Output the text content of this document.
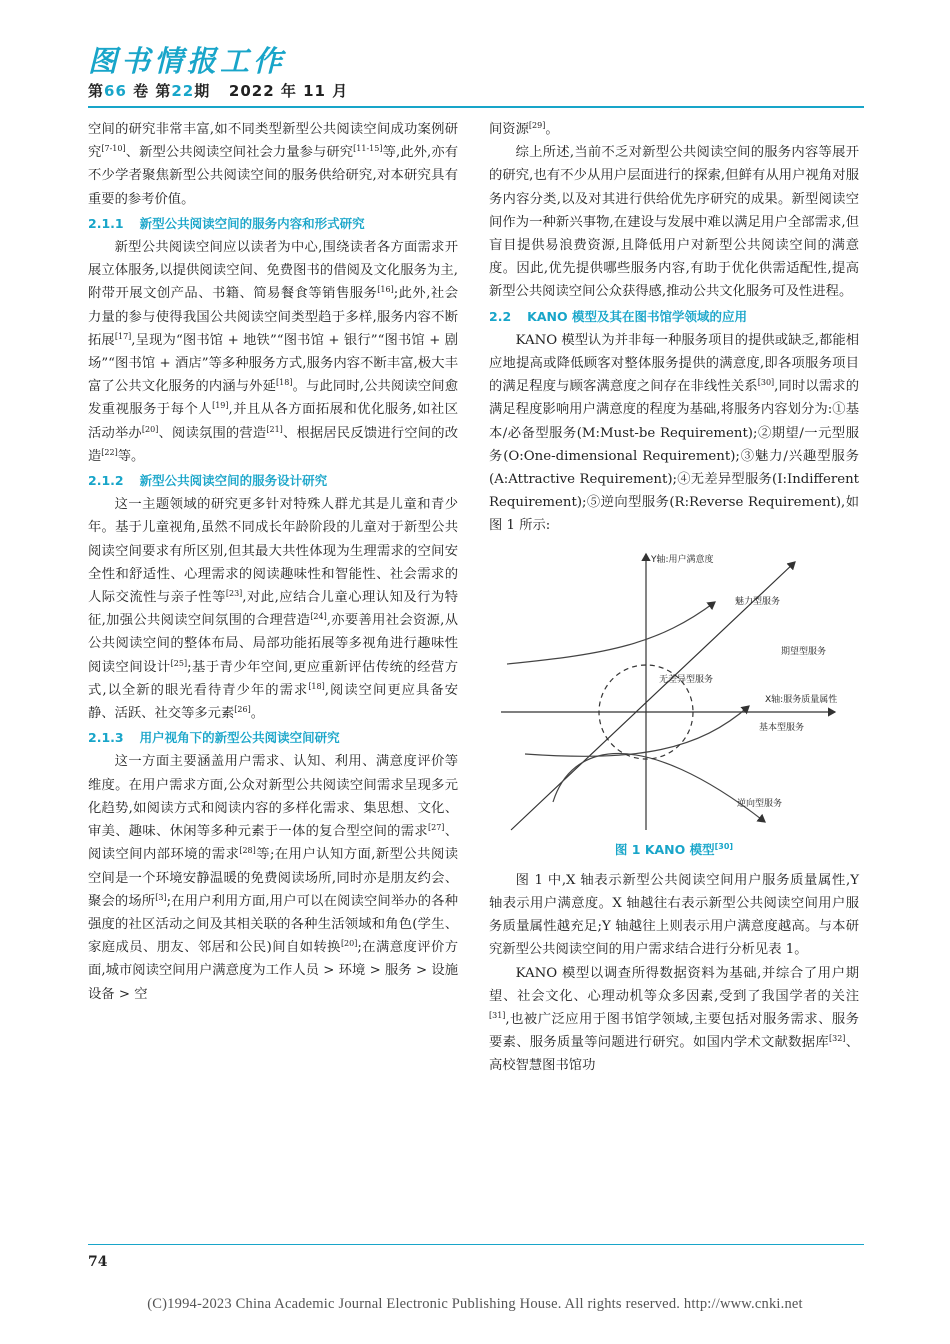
图书情报工作
第66 卷 第22期 2022 年 11 月

空间的研究非常丰富,如不同类型新型公共阅读空间成功案例研究[7-10]、新型公共阅读空间社会力量参与研究[11-15]等,此外,亦有不少学者聚焦新型公共阅读空间的服务供给研究,对本研究具有重要的参考价值。

2.1.1 新型公共阅读空间的服务内容和形式研究

新型公共阅读空间应以读者为中心,围绕读者各方面需求开展立体服务,以提供阅读空间、免费图书的借阅及文化服务为主,附带开展文创产品、书籍、简易餐食等销售服务[16];此外,社会力量的参与使得我国公共阅读空间类型趋于多样,服务内容不断拓展[17],呈现为“图书馆 + 地铁”“图书馆 + 银行”“图书馆 + 剧场”“图书馆 + 酒店”等多种服务方式,服务内容不断丰富,极大丰富了公共文化服务的内涵与外延[18]。与此同时,公共阅读空间愈发重视服务于每个人[19],并且从各方面拓展和优化服务,如社区活动举办[20]、阅读氛围的营造[21]、根据居民反馈进行空间的改造[22]等。

2.1.2 新型公共阅读空间的服务设计研究

这一主题领域的研究更多针对特殊人群尤其是儿童和青少年。基于儿童视角,虽然不同成长年龄阶段的儿童对于新型公共阅读空间要求有所区别,但其最大共性体现为生理需求的空间安全性和舒适性、心理需求的阅读趣味性和智能性、社会需求的人际交流性与亲子性等[23],对此,应结合儿童心理认知及行为特征,加强公共阅读空间氛围的合理营造[24],亦要善用社会资源,从公共阅读空间的整体布局、局部功能拓展等多视角进行趣味性阅读空间设计[25];基于青少年空间,更应重新评估传统的经营方式,以全新的眼光看待青少年的需求[18],阅读空间更应具备安静、活跃、社交等多元素[26]。

2.1.3 用户视角下的新型公共阅读空间研究

这一方面主要涵盖用户需求、认知、利用、满意度评价等维度。在用户需求方面,公众对新型公共阅读空间需求呈现多元化趋势,如阅读方式和阅读内容的多样化需求、集思想、文化、审美、趣味、休闲等多种元素于一体的复合型空间的需求[27]、阅读空间内部环境的需求[28]等;在用户认知方面,新型公共阅读空间是一个环境安静温暖的免费阅读场所,同时亦是朋友约会、聚会的场所[3];在用户利用方面,用户可以在阅读空间举办的各种强度的社区活动之间及其相关联的各种生活领域和角色(学生、家庭成员、朋友、邻居和公民)间自如转换[20];在满意度评价方面,城市阅读空间用户满意度为工作人员 > 环境 > 服务 > 设施设备 > 空

间资源[29]。

综上所述,当前不乏对新型公共阅读空间的服务内容等展开的研究,也有不少从用户层面进行的探索,但鲜有从用户视角对服务内容分类,以及对其进行供给优先序研究的成果。新型阅读空间作为一种新兴事物,在建设与发展中难以满足用户全部需求,但盲目提供易浪费资源,且降低用户对新型公共阅读空间的满意度。因此,优先提供哪些服务内容,有助于优化供需适配性,提高新型公共阅读空间公众获得感,推动公共文化服务可及性进程。

2.2 KANO 模型及其在图书馆学领域的应用

KANO 模型认为并非每一种服务项目的提供或缺乏,都能相应地提高或降低顾客对整体服务提供的满意度,即各项服务项目的满足程度与顾客满意度之间存在非线性关系[30],同时以需求的满足程度影响用户满意度的程度为基础,将服务内容划分为:①基本/必备型服务(M:Must-be Requirement);②期望/一元型服务(O:One-dimensional Requirement);③魅力/兴趣型服务(A:Attractive Requirement);④无差异型服务(I:Indifferent Requirement);⑤逆向型服务(R:Reverse Requirement),如图 1 所示:

Y轴:用户满意度
魅力型服务
期望型服务
无差异型服务
X轴:服务质量属性
基本型服务
逆向型服务
图 1 KANO 模型[30]

图 1 中,X 轴表示新型公共阅读空间用户服务质量属性,Y 轴表示用户满意度。X 轴越往右表示新型公共阅读空间用户服务质量属性越充足;Y 轴越往上则表示用户满意度越高。与本研究新型公共阅读空间的用户需求结合进行分析见表 1。

KANO 模型以调查所得数据资料为基础,并综合了用户期望、社会文化、心理动机等众多因素,受到了我国学者的关注[31],也被广泛应用于图书馆学领域,主要包括对服务需求、服务要素、服务质量等问题进行研究。如国内学术文献数据库[32]、高校智慧图书馆功

74
(C)1994-2023 China Academic Journal Electronic Publishing House. All rights reserved. http://www.cnki.net
